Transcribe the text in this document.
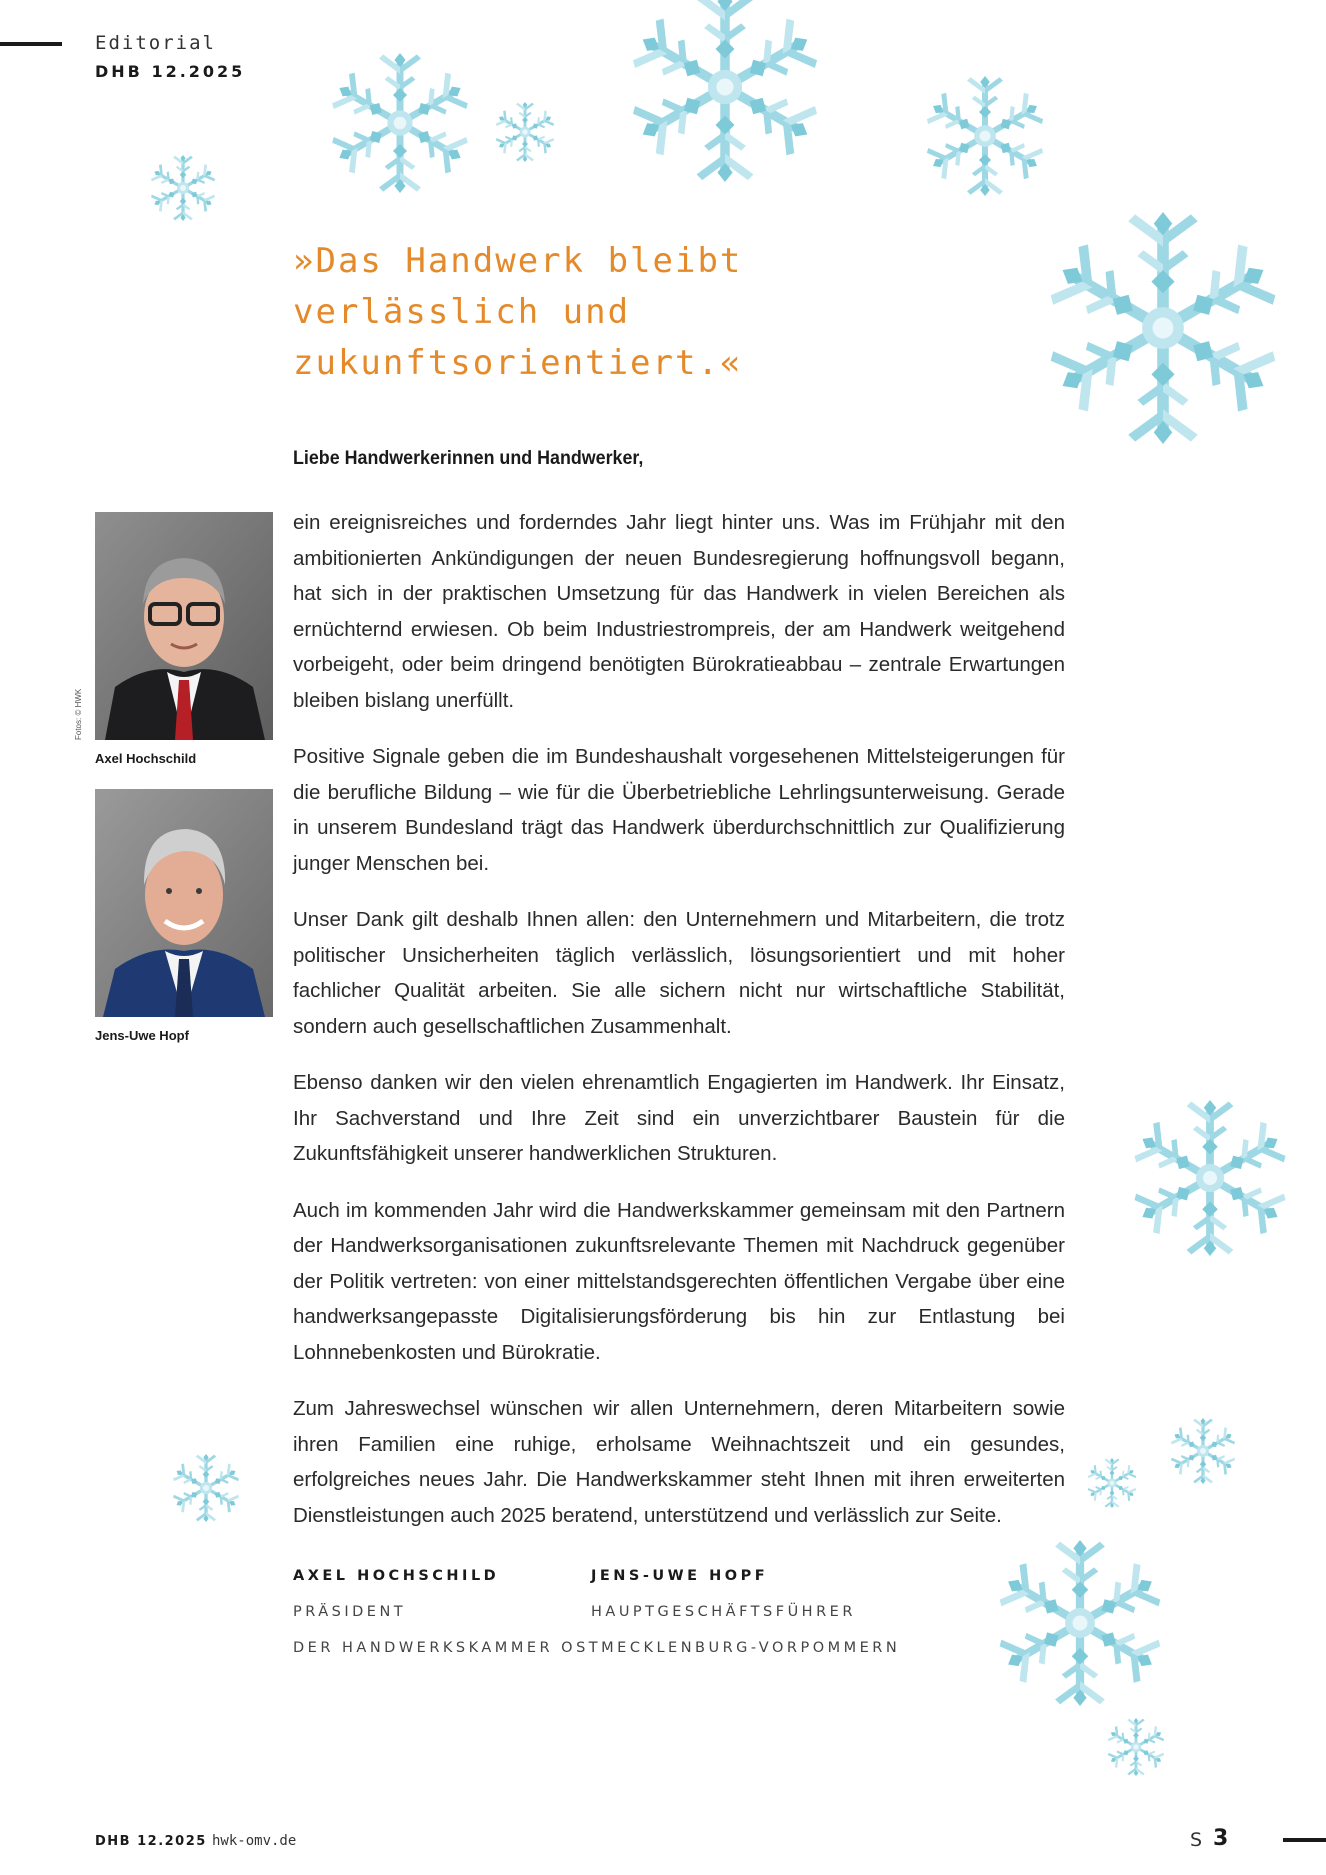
Editorial
DHB 12.2025
»Das Handwerk bleibt
verlässlich und
zukunftsorientiert.«
Liebe Handwerkerinnen und Handwerker,
Axel Hochschild
Fotos: © HWK
Jens-Uwe Hopf

ein ereignisreiches und forderndes Jahr liegt hinter uns. Was im Frühjahr mit den ambitionierten Ankündigungen der neuen Bundesregierung hoffnungsvoll begann, hat sich in der praktischen Umsetzung für das Handwerk in vielen Bereichen als ernüchternd erwiesen. Ob beim Industriestrompreis, der am Handwerk weitgehend vorbeigeht, oder beim dringend benötigten Bürokratieabbau – zentrale Erwartungen bleiben bislang unerfüllt.

Positive Signale geben die im Bundeshaushalt vorgesehenen Mittelsteigerungen für die berufliche Bildung – wie für die Überbetriebliche Lehrlingsunterweisung. Gerade in unserem Bundesland trägt das Handwerk überdurchschnittlich zur Qualifizierung junger Menschen bei.

Unser Dank gilt deshalb Ihnen allen: den Unternehmern und Mitarbeitern, die trotz politischer Unsicherheiten täglich verlässlich, lösungsorientiert und mit hoher fachlicher Qualität arbeiten. Sie alle sichern nicht nur wirtschaftliche Stabilität, sondern auch gesellschaftlichen Zusammenhalt.

Ebenso danken wir den vielen ehrenamtlich Engagierten im Handwerk. Ihr Einsatz, Ihr Sachverstand und Ihre Zeit sind ein unverzichtbarer Baustein für die Zukunftsfähigkeit unserer handwerklichen Strukturen.

Auch im kommenden Jahr wird die Handwerkskammer gemeinsam mit den Partnern der Handwerksorganisationen zukunftsrelevante Themen mit Nachdruck gegenüber der Politik vertreten: von einer mittelstandsgerechten öffentlichen Vergabe über eine handwerksangepasste Digitalisierungsförderung bis hin zur Entlastung bei Lohnnebenkosten und Bürokratie.

Zum Jahreswechsel wünschen wir allen Unternehmern, deren Mitarbeitern sowie ihren Familien eine ruhige, erholsame Weihnachtszeit und ein gesundes, erfolgreiches neues Jahr. Die Handwerkskammer steht Ihnen mit ihren erweiterten Dienstleistungen auch 2025 beratend, unterstützend und verlässlich zur Seite.

AXEL HOCHSCHILD
PRÄSIDENT
JENS-UWE HOPF
HAUPTGESCHÄFTSFÜHRER
DER HANDWERKSKAMMER OSTMECKLENBURG-VORPOMMERN
DHB 12.2025 hwk-omv.de	S 3
